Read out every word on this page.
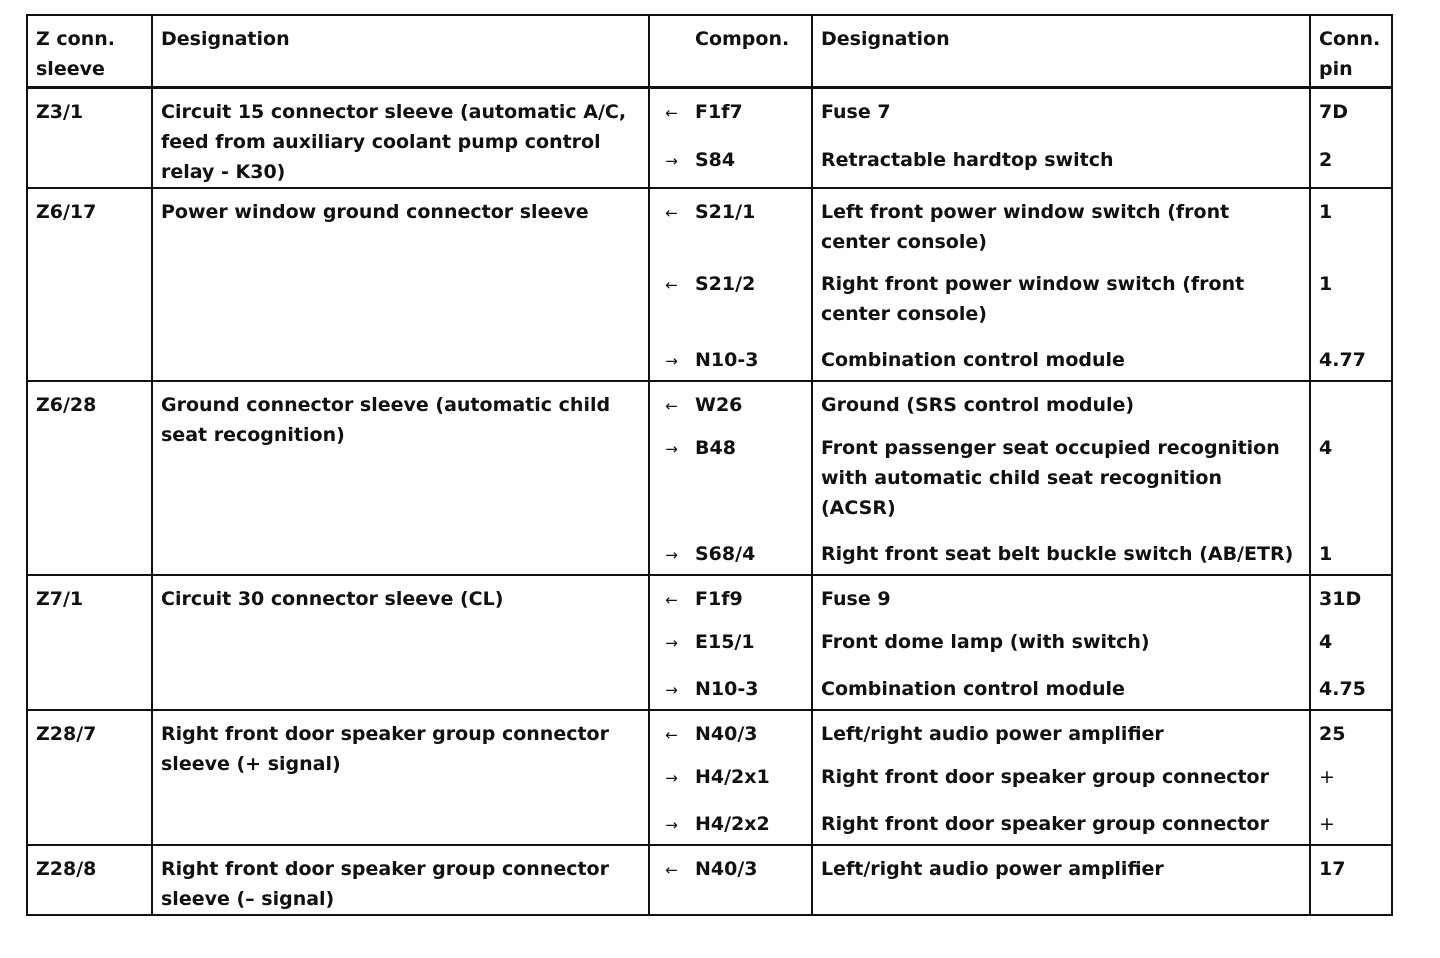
Z conn. sleeve	Designation		Compon.	Designation	Conn. pin
Z3/1	Circuit 15 connector sleeve (automatic A/C, feed from auxiliary coolant pump control relay - K30)	←	F1f7	Fuse 7	7D
		→	S84	Retractable hardtop switch	2
Z6/17	Power window ground connector sleeve	←	S21/1	Left front power window switch (front center console)	1
		←	S21/2	Right front power window switch (front center console)	1
		→	N10-3	Combination control module	4.77
Z6/28	Ground connector sleeve (automatic child seat recognition)	←	W26	Ground (SRS control module)	
		→	B48	Front passenger seat occupied recognition with automatic child seat recognition (ACSR)	4
		→	S68/4	Right front seat belt buckle switch (AB/ETR)	1
Z7/1	Circuit 30 connector sleeve (CL)	←	F1f9	Fuse 9	31D
		→	E15/1	Front dome lamp (with switch)	4
		→	N10-3	Combination control module	4.75
Z28/7	Right front door speaker group connector sleeve (+ signal)	←	N40/3	Left/right audio power amplifier	25
		→	H4/2x1	Right front door speaker group connector	+
		→	H4/2x2	Right front door speaker group connector	+
Z28/8	Right front door speaker group connector sleeve (– signal)	←	N40/3	Left/right audio power amplifier	17
